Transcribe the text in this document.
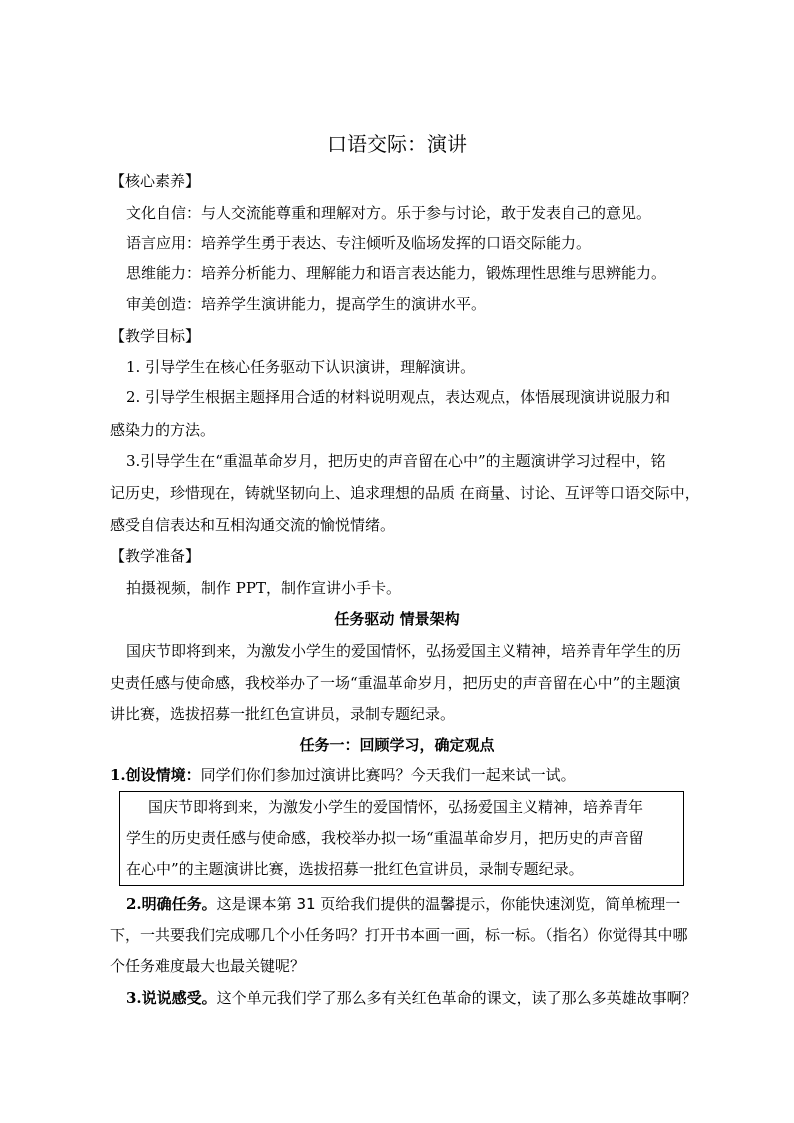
口语交际：演讲
【核心素养】
文化自信：与人交流能尊重和理解对方。乐于参与讨论，敢于发表自己的意见。
语言应用：培养学生勇于表达、专注倾听及临场发挥的口语交际能力。
思维能力：培养分析能力、理解能力和语言表达能力，锻炼理性思维与思辨能力。
审美创造：培养学生演讲能力，提高学生的演讲水平。
【教学目标】
1. 引导学生在核心任务驱动下认识演讲，理解演讲。
2. 引导学生根据主题择用合适的材料说明观点，表达观点，体悟展现演讲说服力和
感染力的方法。
3.引导学生在“重温革命岁月，把历史的声音留在心中”的主题演讲学习过程中，铭
记历史，珍惜现在，铸就坚韧向上、追求理想的品质 在商量、讨论、互评等口语交际中，
感受自信表达和互相沟通交流的愉悦情绪。
【教学准备】
拍摄视频，制作 PPT，制作宣讲小手卡。
任务驱动 情景架构
国庆节即将到来，为激发小学生的爱国情怀，弘扬爱国主义精神，培养青年学生的历
史责任感与使命感，我校举办了一场“重温革命岁月，把历史的声音留在心中”的主题演
讲比赛，选拔招募一批红色宣讲员，录制专题纪录。
任务一：回顾学习，确定观点
1.创设情境：同学们你们参加过演讲比赛吗？今天我们一起来试一试。
国庆节即将到来，为激发小学生的爱国情怀，弘扬爱国主义精神，培养青年
学生的历史责任感与使命感，我校举办拟一场“重温革命岁月，把历史的声音留
在心中”的主题演讲比赛，选拔招募一批红色宣讲员，录制专题纪录。
2.明确任务。这是课本第 31 页给我们提供的温馨提示，你能快速浏览，简单梳理一
下，一共要我们完成哪几个小任务吗？打开书本画一画，标一标。（指名）你觉得其中哪
个任务难度最大也最关键呢？
3.说说感受。这个单元我们学了那么多有关红色革命的课文，读了那么多英雄故事啊？
